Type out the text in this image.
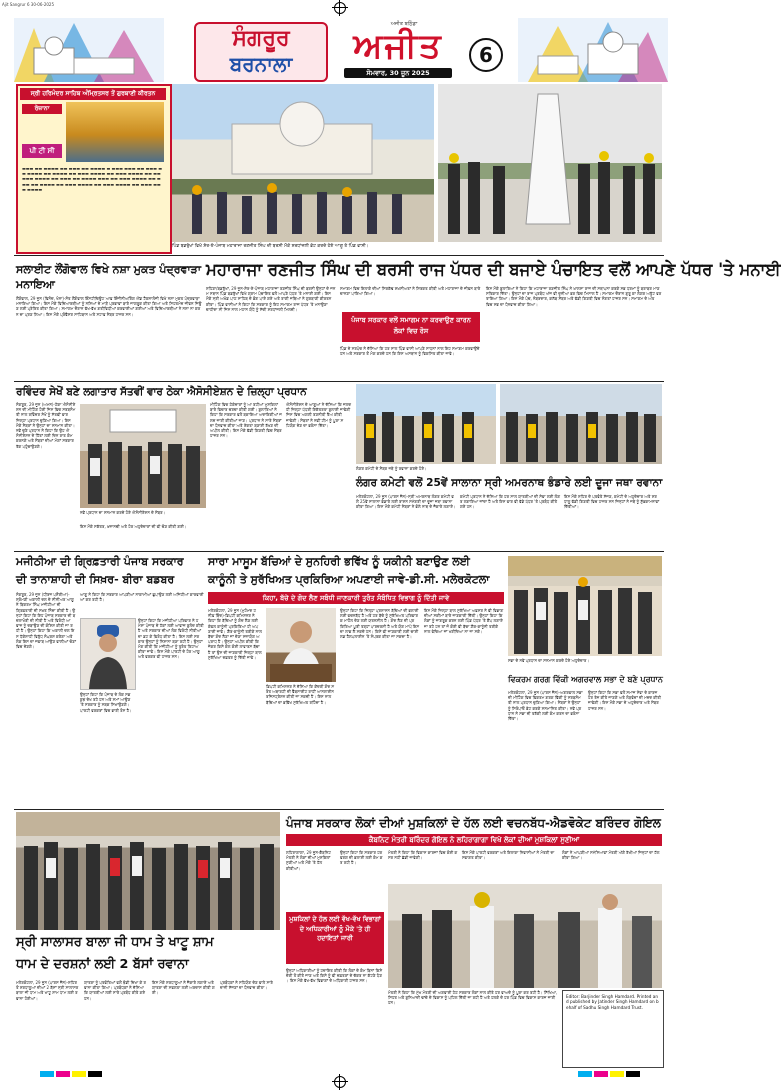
Ajit Sangrur 6 30-06-2025
ਸੰਗਰੂਰ
ਬਰਨਾਲਾ
ਅਜੀਤ ਬਠਿੰਡਾ
ਅਜੀਤ
ਸੋਮਵਾਰ, 30 ਜੂਨ 2025
6
ਸ੍ਰੀ ਹਰਿਮੰਦਰ ਸਾਹਿਬ ਅੰਮ੍ਰਿਤਸਰ ਤੋਂ ਗੁਰਬਾਣੀ ਕੀਰਤਨ
ਰੋਜ਼ਾਨਾ
ਪੀ ਟੀ ਸੀ
▬▬▬ ▬▬ ▬▬▬▬ ▬▬ ▬▬▬ ▬▬ ▬▬▬▬ ▬ ▬▬▬ ▬▬▬ ▬▬ ▬▬▬ ▬▬ ▬▬▬▬ ▬▬ ▬▬▬▬ ▬▬ ▬▬▬ ▬▬▬▬ ▬▬ ▬▬▬ ▬▬▬▬ ▬▬ ▬▬ ▬▬▬ ▬▬▬▬ ▬▬ ▬▬▬ ▬▬ ▬▬▬▬ ▬▬▬ ▬▬ ▬▬▬ ▬▬▬▬ ▬▬ ▬▬▬ ▬▬ ▬▬▬▬ ▬▬ ▬▬▬ ▬▬▬▬ ▬▬ ▬▬▬ ▬▬▬▬ ▬▬ ▬▬▬ ▬▬▬ ▬▬▬▬
ਪਿੰਡ ਬਡਰੁੱਖਾਂ ਵਿਖੇ ਸ਼ੇਰ-ਏ-ਪੰਜਾਬ ਮਹਾਰਾਜਾ ਰਣਜੀਤ ਸਿੰਘ ਦੀ ਬਰਸੀ ਮੌਕੇ ਸ਼ਰਧਾਂਜਲੀ ਭੇਟ ਕਰਦੇ ਹੋਏ ਆਗੂ ਤੇ ਪਿੰਡ ਵਾਸੀ।
ਮਹਾਰਾਜਾ ਰਣਜੀਤ ਸਿੰਘ ਦੀ ਬਰਸੀ ਰਾਜ ਪੱਧਰ ਦੀ ਬਜਾਏ ਪੰਚਾਇਤ ਵਲੋਂ ਆਪਣੇ ਪੱਧਰ 'ਤੇ ਮਨਾਈ
ਸਲਾਈਟ ਲੌਂਗੋਵਾਲ ਵਿਖੇ ਨਸ਼ਾ ਮੁਕਤ ਪੰਦ੍ਰਵਾੜਾ ਮਨਾਇਆ
ਲੌਂਗੋਵਾਲ, 29 ਜੂਨ (ਵਿਨੋਦ, ਖੰਨਾ)-ਸੰਤ ਲੌਂਗੋਵਾਲ ਇੰਸਟੀਚਿਊਟ ਆਫ਼ ਇੰਜੀਨੀਅਰਿੰਗ ਐਂਡ ਟੈਕਨਾਲੋਜੀ ਵਿਖੇ ਨਸ਼ਾ ਮੁਕਤ ਪੰਦ੍ਰਵਾੜਾ ਮਨਾਇਆ ਗਿਆ। ਇਸ ਮੌਕੇ ਵਿਦਿਆਰਥੀਆਂ ਨੂੰ ਨਸ਼ਿਆਂ ਦੇ ਮਾੜੇ ਪ੍ਰਭਾਵਾਂ ਬਾਰੇ ਜਾਗਰੂਕ ਕੀਤਾ ਗਿਆ ਅਤੇ ਸਿਹਤਮੰਦ ਜੀਵਨ ਜਿਊਣ ਲਈ ਪ੍ਰੇਰਿਤ ਕੀਤਾ ਗਿਆ। ਸਮਾਗਮ ਦੌਰਾਨ ਵੱਖ-ਵੱਖ ਗਤੀਵਿਧੀਆਂ ਕਰਵਾਈਆਂ ਗਈਆਂ ਅਤੇ ਵਿਦਿਆਰਥੀਆਂ ਨੇ ਨਸ਼ਾ ਨਾ ਕਰਨ ਦਾ ਪ੍ਰਣ ਲਿਆ। ਇਸ ਮੌਕੇ ਪ੍ਰੋਫੈਸਰ ਸਾਹਿਬਾਨ ਅਤੇ ਸਟਾਫ਼ ਮੈਂਬਰ ਹਾਜ਼ਰ ਸਨ।
ਸ਼ਹਿਣਾ/ਬਡਰੁੱਖਾਂ, 29 ਜੂਨ-ਸ਼ੇਰ-ਏ-ਪੰਜਾਬ ਮਹਾਰਾਜਾ ਰਣਜੀਤ ਸਿੰਘ ਦੀ ਬਰਸੀ ਉਨ੍ਹਾਂ ਦੇ ਜਨਮ ਸਥਾਨ ਪਿੰਡ ਬਡਰੁੱਖਾਂ ਵਿਖੇ ਗ੍ਰਾਮ ਪੰਚਾਇਤ ਵਲੋਂ ਆਪਣੇ ਪੱਧਰ 'ਤੇ ਮਨਾਈ ਗਈ। ਇਸ ਮੌਕੇ ਸ੍ਰੀ ਅਖੰਡ ਪਾਠ ਸਾਹਿਬ ਦੇ ਭੋਗ ਪਾਏ ਗਏ ਅਤੇ ਰਾਗੀ ਜਥਿਆਂ ਨੇ ਗੁਰਬਾਣੀ ਕੀਰਤਨ ਕੀਤਾ। ਪਿੰਡ ਵਾਸੀਆਂ ਨੇ ਕਿਹਾ ਕਿ ਸਰਕਾਰ ਨੂੰ ਇਹ ਸਮਾਗਮ ਰਾਜ ਪੱਧਰ 'ਤੇ ਮਨਾਉਣਾ ਚਾਹੀਦਾ ਸੀ ਜਿਸ ਨਾਲ ਮਹਾਨ ਯੋਧੇ ਨੂੰ ਸੱਚੀ ਸ਼ਰਧਾਂਜਲੀ ਮਿਲਦੀ।
ਸਮਾਗਮ ਵਿਚ ਇਲਾਕੇ ਦੀਆਂ ਸਿਰਕੱਢ ਸ਼ਖ਼ਸੀਅਤਾਂ ਨੇ ਸ਼ਿਰਕਤ ਕੀਤੀ ਅਤੇ ਮਹਾਰਾਜਾ ਦੇ ਜੀਵਨ ਬਾਰੇ ਚਾਨਣਾ ਪਾਇਆ ਗਿਆ।
ਪੰਜਾਬ ਸਰਕਾਰ ਵਲੋਂ ਸਮਾਗਮ ਨਾ ਕਰਵਾਉਣ ਕਾਰਨ ਲੋਕਾਂ ਵਿਚ ਰੋਸ
ਪਿੰਡ ਦੇ ਸਰਪੰਚ ਨੇ ਦੱਸਿਆ ਕਿ ਹਰ ਸਾਲ ਪਿੰਡ ਵਾਸੀ ਆਪਣੇ ਸਾਧਨਾਂ ਨਾਲ ਇਹ ਸਮਾਗਮ ਕਰਵਾਉਂਦੇ ਹਨ ਅਤੇ ਸਰਕਾਰ ਤੋਂ ਮੰਗ ਕਰਦੇ ਹਨ ਕਿ ਇਸ ਅਸਥਾਨ ਨੂੰ ਵਿਕਸਿਤ ਕੀਤਾ ਜਾਵੇ।
ਇਸ ਮੌਕੇ ਬੁਲਾਰਿਆਂ ਨੇ ਕਿਹਾ ਕਿ ਮਹਾਰਾਜਾ ਰਣਜੀਤ ਸਿੰਘ ਨੇ ਖ਼ਾਲਸਾ ਰਾਜ ਦੀ ਸਥਾਪਨਾ ਕਰਕੇ ਸਭ ਧਰਮਾਂ ਨੂੰ ਬਰਾਬਰ ਮਾਣ ਸਤਿਕਾਰ ਦਿੱਤਾ। ਉਨ੍ਹਾਂ ਦਾ ਰਾਜ ਪ੍ਰਬੰਧ ਅੱਜ ਵੀ ਦੁਨੀਆ ਭਰ ਵਿਚ ਮਿਸਾਲ ਹੈ। ਸਮਾਗਮ ਦੌਰਾਨ ਗੁਰੂ ਕਾ ਲੰਗਰ ਅਤੁੱਟ ਵਰਤਾਇਆ ਗਿਆ। ਇਸ ਮੌਕੇ ਪੰਚ, ਨੰਬਰਦਾਰ, ਕਲੱਬ ਮੈਂਬਰ ਅਤੇ ਵੱਡੀ ਗਿਣਤੀ ਵਿਚ ਸੰਗਤਾਂ ਹਾਜ਼ਰ ਸਨ। ਸਮਾਗਮ ਦੇ ਅੰਤ ਵਿਚ ਸਭ ਦਾ ਧੰਨਵਾਦ ਕੀਤਾ ਗਿਆ।
ਰਵਿੰਦਰ ਸੇਖੋਂ ਬਣੇ ਲਗਾਤਾਰ ਸੱਤਵੀਂ ਵਾਰ ਠੇਕਾ ਐਸੋਸੀਏਸ਼ਨ ਦੇ ਜ਼ਿਲ੍ਹਾ ਪ੍ਰਧਾਨ
ਸੰਗਰੂਰ, 29 ਜੂਨ (ਅਮਨ)-ਠੇਕਾ ਐਸੋਸੀਏਸ਼ਨ ਦੀ ਮੀਟਿੰਗ ਹੋਈ ਜਿਸ ਵਿਚ ਸਰਬਸੰਮਤੀ ਨਾਲ ਰਵਿੰਦਰ ਸੇਖੋਂ ਨੂੰ ਸੱਤਵੀਂ ਵਾਰ ਜ਼ਿਲ੍ਹਾ ਪ੍ਰਧਾਨ ਚੁਣਿਆ ਗਿਆ। ਇਸ ਮੌਕੇ ਮੈਂਬਰਾਂ ਨੇ ਉਨ੍ਹਾਂ ਦਾ ਸਨਮਾਨ ਕੀਤਾ। ਨਵੇਂ ਚੁਣੇ ਪ੍ਰਧਾਨ ਨੇ ਕਿਹਾ ਕਿ ਉਹ ਐਸੋਸੀਏਸ਼ਨ ਦੇ ਹਿੱਤਾਂ ਲਈ ਦਿਨ ਰਾਤ ਕੰਮ ਕਰਨਗੇ ਅਤੇ ਮੈਂਬਰਾਂ ਦੀਆਂ ਮੰਗਾਂ ਸਰਕਾਰ ਤੱਕ ਪਹੁੰਚਾਉਣਗੇ।
ਨਵੇਂ ਪ੍ਰਧਾਨ ਦਾ ਸਨਮਾਨ ਕਰਦੇ ਹੋਏ ਐਸੋਸੀਏਸ਼ਨ ਦੇ ਮੈਂਬਰ।
ਇਸ ਮੌਕੇ ਸਕੱਤਰ, ਖ਼ਜ਼ਾਨਚੀ ਅਤੇ ਹੋਰ ਅਹੁਦੇਦਾਰਾਂ ਦੀ ਵੀ ਚੋਣ ਕੀਤੀ ਗਈ।
ਮੀਟਿੰਗ ਵਿਚ ਠੇਕੇਦਾਰਾਂ ਨੂੰ ਆ ਰਹੀਆਂ ਮੁਸ਼ਕਿਲਾਂ ਬਾਰੇ ਵਿਚਾਰ ਚਰਚਾ ਕੀਤੀ ਗਈ। ਬੁਲਾਰਿਆਂ ਨੇ ਕਿਹਾ ਕਿ ਸਰਕਾਰ ਵਲੋਂ ਬਕਾਇਆ ਅਦਾਇਗੀਆਂ ਜਲਦ ਜਾਰੀ ਕੀਤੀਆਂ ਜਾਣ। ਪ੍ਰਧਾਨ ਨੇ ਸਾਰੇ ਮੈਂਬਰਾਂ ਦਾ ਧੰਨਵਾਦ ਕੀਤਾ ਅਤੇ ਏਕਤਾ ਬਣਾਈ ਰੱਖਣ ਦੀ ਅਪੀਲ ਕੀਤੀ। ਇਸ ਮੌਕੇ ਵੱਡੀ ਗਿਣਤੀ ਵਿਚ ਮੈਂਬਰ ਹਾਜ਼ਰ ਸਨ।
ਐਸੋਸੀਏਸ਼ਨ ਦੇ ਆਗੂਆਂ ਨੇ ਦੱਸਿਆ ਕਿ ਜਲਦ ਹੀ ਜ਼ਿਲ੍ਹਾ ਪੱਧਰੀ ਇਕੱਤਰਤਾ ਬੁਲਾਈ ਜਾਵੇਗੀ ਜਿਸ ਵਿਚ ਅਗਲੀ ਰਣਨੀਤੀ ਤੈਅ ਕੀਤੀ ਜਾਵੇਗੀ। ਮੈਂਬਰਾਂ ਨੇ ਨਵੀਂ ਟੀਮ ਨੂੰ ਪੂਰਾ ਸਹਿਯੋਗ ਦੇਣ ਦਾ ਭਰੋਸਾ ਦਿੱਤਾ।
ਲੰਗਰ ਕਮੇਟੀ ਦੇ ਮੈਂਬਰ ਜਥੇ ਨੂੰ ਰਵਾਨਾ ਕਰਦੇ ਹੋਏ।
ਲੰਗਰ ਕਮੇਟੀ ਵਲੋਂ 25ਵੇਂ ਸਾਲਾਨਾ ਸ੍ਰੀ ਅਮਰਨਾਥ ਭੰਡਾਰੇ ਲਈ ਦੂਜਾ ਜਥਾ ਰਵਾਨਾ
ਮਲੇਰਕੋਟਲਾ, 29 ਜੂਨ (ਪਾਰਸ ਜੈਨ)-ਸ੍ਰੀ ਅਮਰਨਾਥ ਲੰਗਰ ਕਮੇਟੀ ਵਲੋਂ 25ਵੇਂ ਸਾਲਾਨਾ ਭੰਡਾਰੇ ਲਈ ਰਾਸ਼ਨ ਸਮੱਗਰੀ ਦਾ ਦੂਜਾ ਜਥਾ ਰਵਾਨਾ ਕੀਤਾ ਗਿਆ। ਇਸ ਮੌਕੇ ਕਮੇਟੀ ਮੈਂਬਰਾਂ ਨੇ ਭੋਲੇ ਨਾਥ ਦੇ ਜੈਕਾਰੇ ਲਗਾਏ।
ਕਮੇਟੀ ਪ੍ਰਧਾਨ ਨੇ ਦੱਸਿਆ ਕਿ ਹਰ ਸਾਲ ਯਾਤਰੀਆਂ ਦੀ ਸੇਵਾ ਲਈ ਲੰਗਰ ਲਗਾਇਆ ਜਾਂਦਾ ਹੈ ਅਤੇ ਇਸ ਵਾਰ ਵੀ ਵੱਡੇ ਪੱਧਰ 'ਤੇ ਪ੍ਰਬੰਧ ਕੀਤੇ ਗਏ ਹਨ।
ਇਸ ਮੌਕੇ ਸ਼ਹਿਰ ਦੇ ਪਤਵੰਤੇ ਸੱਜਣ, ਕਮੇਟੀ ਦੇ ਅਹੁਦੇਦਾਰ ਅਤੇ ਸ਼ਰਧਾਲੂ ਵੱਡੀ ਗਿਣਤੀ ਵਿਚ ਹਾਜ਼ਰ ਸਨ ਜਿਨ੍ਹਾਂ ਨੇ ਜਥੇ ਨੂੰ ਸ਼ੁੱਭਕਾਮਨਾਵਾਂ ਦਿੱਤੀਆਂ।
ਮਜੀਠੀਆ ਦੀ ਗ੍ਰਿਫ਼ਤਾਰੀ ਪੰਜਾਬ ਸਰਕਾਰ
ਦੀ ਤਾਨਾਸ਼ਾਹੀ ਦੀ ਸਿਖ਼ਰ- ਬੀਰਾ ਬਡਬਰ
ਸੰਗਰੂਰ, 29 ਜੂਨ (ਧੀਰਜ ਪਸ਼ੌਰੀਆ)-ਸ਼੍ਰੋਮਣੀ ਅਕਾਲੀ ਦਲ ਦੇ ਸੀਨੀਅਰ ਆਗੂ ਨੇ ਬਿਕਰਮ ਸਿੰਘ ਮਜੀਠੀਆ ਦੀ ਗ੍ਰਿਫ਼ਤਾਰੀ ਦੀ ਸਖ਼ਤ ਨਿੰਦਾ ਕੀਤੀ ਹੈ। ਉਨ੍ਹਾਂ ਕਿਹਾ ਕਿ ਇਹ ਪੰਜਾਬ ਸਰਕਾਰ ਦੀ ਬਦਲਾਖੋਰੀ ਦੀ ਨੀਤੀ ਹੈ ਅਤੇ ਵਿਰੋਧੀ ਆਵਾਜ਼ ਨੂੰ ਦਬਾਉਣ ਦੀ ਕੋਸ਼ਿਸ਼ ਕੀਤੀ ਜਾ ਰਹੀ ਹੈ। ਉਨ੍ਹਾਂ ਕਿਹਾ ਕਿ ਅਕਾਲੀ ਦਲ ਇਸ ਧੱਕੇਸ਼ਾਹੀ ਵਿਰੁੱਧ ਸੰਘਰਸ਼ ਕਰੇਗਾ ਅਤੇ ਲੋਕ ਇਸ ਦਾ ਜਵਾਬ ਆਉਣ ਵਾਲੀਆਂ ਚੋਣਾਂ ਵਿਚ ਦੇਣਗੇ।
ਆਗੂ ਨੇ ਕਿਹਾ ਕਿ ਸਰਕਾਰ ਆਪਣੀਆਂ ਨਾਕਾਮੀਆਂ ਛੁਪਾਉਣ ਲਈ ਅਜਿਹੀਆਂ ਕਾਰਵਾਈਆਂ ਕਰ ਰਹੀ ਹੈ।
ਉਨ੍ਹਾਂ ਕਿਹਾ ਕਿ ਮਜੀਠੀਆ ਪਰਿਵਾਰ ਨੇ ਹਮੇਸ਼ਾ ਪੰਜਾਬ ਦੇ ਹੱਕਾਂ ਲਈ ਆਵਾਜ਼ ਬੁਲੰਦ ਕੀਤੀ ਹੈ ਅਤੇ ਸਰਕਾਰ ਦੀਆਂ ਲੋਕ ਵਿਰੋਧੀ ਨੀਤੀਆਂ ਦਾ ਡਟ ਕੇ ਵਿਰੋਧ ਕੀਤਾ ਹੈ। ਇਸ ਲਈ ਸਰਕਾਰ ਉਨ੍ਹਾਂ ਨੂੰ ਨਿਸ਼ਾਨਾ ਬਣਾ ਰਹੀ ਹੈ। ਉਨ੍ਹਾਂ ਮੰਗ ਕੀਤੀ ਕਿ ਮਜੀਠੀਆ ਨੂੰ ਤੁਰੰਤ ਰਿਹਾਅ ਕੀਤਾ ਜਾਵੇ। ਇਸ ਮੌਕੇ ਪਾਰਟੀ ਦੇ ਹੋਰ ਆਗੂ ਅਤੇ ਵਰਕਰ ਵੀ ਹਾਜ਼ਰ ਸਨ।
ਉਨ੍ਹਾਂ ਕਿਹਾ ਕਿ ਪੰਜਾਬ ਦੇ ਲੋਕ ਸਭ ਕੁਝ ਦੇਖ ਰਹੇ ਹਨ ਅਤੇ ਸਮਾਂ ਆਉਣ 'ਤੇ ਸਰਕਾਰ ਨੂੰ ਸਬਕ ਸਿਖਾਉਣਗੇ। ਪਾਰਟੀ ਵਰਕਰਾਂ ਵਿਚ ਭਾਰੀ ਰੋਸ ਹੈ।
ਸਾਰਾ ਮਾਸੂਮ ਬੱਚਿਆਂ ਦੇ ਸੁਨਹਿਰੀ ਭਵਿੱਖ ਨੂੰ ਯਕੀਨੀ ਬਣਾਉਣ ਲਈ
ਕਾਨੂੰਨੀ ਤੇ ਸੁਰੱਖਿਅਤ ਪ੍ਰਕਿਰਿਆ ਅਪਣਾਈ ਜਾਵੇ-ਡੀ.ਸੀ. ਮਲੇਰਕੋਟਲਾ
ਕਿਹਾ, ਬੱਚੇ ਦੇ ਗੋਦ ਲੈਣ ਸਬੰਧੀ ਜਾਣਕਾਰੀ ਤੁਰੰਤ ਸੰਬੰਧਿਤ ਵਿਭਾਗ ਨੂੰ ਦਿੱਤੀ ਜਾਵੇ
ਮਲੇਰਕੋਟਲਾ, 29 ਜੂਨ (ਮੁਹੰਮਦ ਹਨੀਫ਼ ਥਿੰਦ)-ਡਿਪਟੀ ਕਮਿਸ਼ਨਰ ਨੇ ਕਿਹਾ ਕਿ ਬੱਚਿਆਂ ਨੂੰ ਗੋਦ ਲੈਣ ਲਈ ਕੇਵਲ ਕਾਨੂੰਨੀ ਪ੍ਰਕਿਰਿਆ ਹੀ ਅਪਣਾਈ ਜਾਵੇ। ਗ਼ੈਰ-ਕਾਨੂੰਨੀ ਤਰੀਕੇ ਨਾਲ ਬੱਚਾ ਗੋਦ ਲੈਣਾ ਜਾਂ ਦੇਣਾ ਸਜ਼ਾਯੋਗ ਅਪਰਾਧ ਹੈ। ਉਨ੍ਹਾਂ ਅਪੀਲ ਕੀਤੀ ਕਿ ਜੇਕਰ ਕਿਸੇ ਕੋਲ ਕੋਈ ਲਾਵਾਰਸ ਬੱਚਾ ਹੈ ਤਾਂ ਉਸ ਦੀ ਜਾਣਕਾਰੀ ਜ਼ਿਲ੍ਹਾ ਬਾਲ ਸੁਰੱਖਿਆ ਦਫ਼ਤਰ ਨੂੰ ਦਿੱਤੀ ਜਾਵੇ।
ਡਿਪਟੀ ਕਮਿਸ਼ਨਰ ਨੇ ਦੱਸਿਆ ਕਿ ਕੇਂਦਰੀ ਗੋਦ ਸਰੋਤ ਅਥਾਰਟੀ ਦੀ ਵੈੱਬਸਾਈਟ ਰਾਹੀਂ ਆਨਲਾਈਨ ਰਜਿਸਟ੍ਰੇਸ਼ਨ ਕੀਤੀ ਜਾ ਸਕਦੀ ਹੈ। ਇਸ ਨਾਲ ਬੱਚਿਆਂ ਦਾ ਭਵਿੱਖ ਸੁਰੱਖਿਅਤ ਰਹਿੰਦਾ ਹੈ।
ਉਨ੍ਹਾਂ ਕਿਹਾ ਕਿ ਜ਼ਿਲ੍ਹਾ ਪ੍ਰਸ਼ਾਸਨ ਬੱਚਿਆਂ ਦੀ ਭਲਾਈ ਲਈ ਵਚਨਬੱਧ ਹੈ ਅਤੇ ਹਰ ਬੱਚੇ ਨੂੰ ਸੁਰੱਖਿਅਤ ਪਰਿਵਾਰਕ ਮਾਹੌਲ ਦੇਣ ਲਈ ਯਤਨਸ਼ੀਲ ਹੈ। ਗੋਦ ਲੈਣ ਦੀ ਪ੍ਰਕਿਰਿਆ ਪੂਰੀ ਤਰ੍ਹਾਂ ਪਾਰਦਰਸ਼ੀ ਹੈ ਅਤੇ ਯੋਗ ਮਾਪੇ ਇਸ ਦਾ ਲਾਭ ਲੈ ਸਕਦੇ ਹਨ। ਕਿਸੇ ਵੀ ਜਾਣਕਾਰੀ ਲਈ ਚਾਈਲਡ ਹੈਲਪਲਾਈਨ 'ਤੇ ਸੰਪਰਕ ਕੀਤਾ ਜਾ ਸਕਦਾ ਹੈ।
ਇਸ ਮੌਕੇ ਜ਼ਿਲ੍ਹਾ ਬਾਲ ਸੁਰੱਖਿਆ ਅਫ਼ਸਰ ਨੇ ਵੀ ਵਿਭਾਗ ਦੀਆਂ ਸਕੀਮਾਂ ਬਾਰੇ ਜਾਣਕਾਰੀ ਦਿੱਤੀ। ਉਨ੍ਹਾਂ ਕਿਹਾ ਕਿ ਲੋਕਾਂ ਨੂੰ ਜਾਗਰੂਕ ਕਰਨ ਲਈ ਪਿੰਡ ਪੱਧਰ 'ਤੇ ਕੈਂਪ ਲਗਾਏ ਜਾ ਰਹੇ ਹਨ ਤਾਂ ਜੋ ਕੋਈ ਵੀ ਬੱਚਾ ਗ਼ੈਰ-ਕਾਨੂੰਨੀ ਤਰੀਕੇ ਨਾਲ ਵੇਚਿਆ ਜਾਂ ਖਰੀਦਿਆ ਨਾ ਜਾ ਸਕੇ।
ਸਭਾ ਦੇ ਨਵੇਂ ਪ੍ਰਧਾਨ ਦਾ ਸਨਮਾਨ ਕਰਦੇ ਹੋਏ ਅਹੁਦੇਦਾਰ।
ਵਿਕਰਮ ਗਰਗ ਵਿੱਕੀ ਅਗਰਵਾਲ ਸਭਾ ਦੇ ਬਣੇ ਪ੍ਰਧਾਨ
ਮਲੇਰਕੋਟਲਾ, 29 ਜੂਨ (ਪਾਰਸ ਜੈਨ)-ਅਗਰਵਾਲ ਸਭਾ ਦੀ ਮੀਟਿੰਗ ਵਿਚ ਵਿਕਰਮ ਗਰਗ ਵਿੱਕੀ ਨੂੰ ਸਰਬਸੰਮਤੀ ਨਾਲ ਪ੍ਰਧਾਨ ਚੁਣਿਆ ਗਿਆ। ਮੈਂਬਰਾਂ ਨੇ ਉਨ੍ਹਾਂ ਨੂੰ ਸਿਰੋਪਾਓ ਭੇਟ ਕਰਕੇ ਸਨਮਾਨਿਤ ਕੀਤਾ। ਨਵੇਂ ਪ੍ਰਧਾਨ ਨੇ ਸਭਾ ਦੀ ਤਰੱਕੀ ਲਈ ਕੰਮ ਕਰਨ ਦਾ ਭਰੋਸਾ ਦਿੱਤਾ।
ਉਨ੍ਹਾਂ ਕਿਹਾ ਕਿ ਸਭਾ ਵਲੋਂ ਸਮਾਜ ਸੇਵਾ ਦੇ ਕਾਰਜ ਹੋਰ ਤੇਜ਼ ਕੀਤੇ ਜਾਣਗੇ ਅਤੇ ਲੋੜਵੰਦਾਂ ਦੀ ਮਦਦ ਕੀਤੀ ਜਾਵੇਗੀ। ਇਸ ਮੌਕੇ ਸਭਾ ਦੇ ਅਹੁਦੇਦਾਰ ਅਤੇ ਮੈਂਬਰ ਹਾਜ਼ਰ ਸਨ।
ਸ੍ਰੀ ਸਾਲਾਸਰ ਬਾਲਾ ਜੀ ਧਾਮ ਤੇ ਖਾਟੂ ਸ਼ਾਮ
ਧਾਮ ਦੇ ਦਰਸ਼ਨਾਂ ਲਈ 2 ਬੱਸਾਂ ਰਵਾਨਾ
ਮਲੇਰਕੋਟਲਾ, 29 ਜੂਨ (ਪਾਰਸ ਜੈਨ)-ਸ਼ਹਿਰ ਤੋਂ ਸ਼ਰਧਾਲੂਆਂ ਦੀਆਂ 2 ਬੱਸਾਂ ਸ੍ਰੀ ਸਾਲਾਸਰ ਬਾਲਾ ਜੀ ਧਾਮ ਅਤੇ ਖਾਟੂ ਸ਼ਾਮ ਧਾਮ ਲਈ ਰਵਾਨਾ ਹੋਈਆਂ।
ਯਾਤਰਾ ਨੂੰ ਪਤਵੰਤਿਆਂ ਵਲੋਂ ਝੰਡੀ ਦਿਖਾ ਕੇ ਰਵਾਨਾ ਕੀਤਾ ਗਿਆ। ਪ੍ਰਬੰਧਕਾਂ ਨੇ ਦੱਸਿਆ ਕਿ ਯਾਤਰੀਆਂ ਲਈ ਸਾਰੇ ਪ੍ਰਬੰਧ ਕੀਤੇ ਗਏ ਹਨ।
ਇਸ ਮੌਕੇ ਸ਼ਰਧਾਲੂਆਂ ਨੇ ਜੈਕਾਰੇ ਲਗਾਏ ਅਤੇ ਯਾਤਰਾ ਦੀ ਸਫਲਤਾ ਲਈ ਅਰਦਾਸ ਕੀਤੀ ਗਈ।
ਪ੍ਰਬੰਧਕਾਂ ਨੇ ਸਹਿਯੋਗ ਦੇਣ ਵਾਲੇ ਸਾਰੇ ਦਾਨੀ ਸੱਜਣਾਂ ਦਾ ਧੰਨਵਾਦ ਕੀਤਾ।
ਪੰਜਾਬ ਸਰਕਾਰ ਲੋਕਾਂ ਦੀਆਂ ਮੁਸ਼ਕਿਲਾਂ ਦੇ ਹੱਲ ਲਈ ਵਚਨਬੱਧ-ਐਡਵੋਕੇਟ ਬਰਿੰਦਰ ਗੋਇਲ
ਕੈਬਨਿਟ ਮੰਤਰੀ ਬਰਿੰਦਰ ਗੋਇਲ ਨੇ ਲਹਿਰਾਗਾਗਾ ਵਿਖੇ ਲੋਕਾਂ ਦੀਆਂ ਮੁਸ਼ਕਿਲਾਂ ਸੁਣੀਆਂ
ਲਹਿਰਾਗਾਗਾ, 29 ਜੂਨ-ਕੈਬਨਿਟ ਮੰਤਰੀ ਨੇ ਲੋਕਾਂ ਦੀਆਂ ਮੁਸ਼ਕਿਲਾਂ ਸੁਣੀਆਂ ਅਤੇ ਮੌਕੇ 'ਤੇ ਹੱਲ ਕੀਤੀਆਂ।
ਉਨ੍ਹਾਂ ਕਿਹਾ ਕਿ ਸਰਕਾਰ ਹਰ ਵਰਗ ਦੀ ਭਲਾਈ ਲਈ ਕੰਮ ਕਰ ਰਹੀ ਹੈ।
ਮੁਸ਼ਕਿਲਾਂ ਦੇ ਹੱਲ ਲਈ ਵੱਖ-ਵੱਖ ਵਿਭਾਗਾਂ ਦੇ ਅਧਿਕਾਰੀਆਂ ਨੂੰ ਮੌਕੇ 'ਤੇ ਹੀ ਹਦਾਇਤਾਂ ਜਾਰੀ
ਉਨ੍ਹਾਂ ਅਧਿਕਾਰੀਆਂ ਨੂੰ ਹਦਾਇਤ ਕੀਤੀ ਕਿ ਲੋਕਾਂ ਦੇ ਕੰਮ ਬਿਨਾਂ ਕਿਸੇ ਦੇਰੀ ਤੋਂ ਕੀਤੇ ਜਾਣ ਅਤੇ ਕਿਸੇ ਨੂੰ ਵੀ ਦਫ਼ਤਰਾਂ ਦੇ ਚੱਕਰ ਨਾ ਕੱਟਣੇ ਪੈਣ। ਇਸ ਮੌਕੇ ਵੱਖ-ਵੱਖ ਵਿਭਾਗਾਂ ਦੇ ਅਧਿਕਾਰੀ ਹਾਜ਼ਰ ਸਨ।
ਮੰਤਰੀ ਨੇ ਕਿਹਾ ਕਿ ਵਿਕਾਸ ਕਾਰਜਾਂ ਵਿਚ ਕੋਈ ਕਸਰ ਨਹੀਂ ਛੱਡੀ ਜਾਵੇਗੀ।
ਇਸ ਮੌਕੇ ਪਾਰਟੀ ਵਰਕਰਾਂ ਅਤੇ ਇਲਾਕਾ ਨਿਵਾਸੀਆਂ ਨੇ ਮੰਤਰੀ ਦਾ ਸਵਾਗਤ ਕੀਤਾ।
ਲੋਕਾਂ ਨੇ ਆਪਣੀਆਂ ਸਮੱਸਿਆਵਾਂ ਮੰਤਰੀ ਅੱਗੇ ਰੱਖੀਆਂ ਜਿਨ੍ਹਾਂ ਦਾ ਹੱਲ ਕੀਤਾ ਗਿਆ।
ਮੰਤਰੀ ਨੇ ਕਿਹਾ ਕਿ ਮੁੱਖ ਮੰਤਰੀ ਦੀ ਅਗਵਾਈ ਹੇਠ ਸਰਕਾਰ ਲੋਕਾਂ ਨਾਲ ਕੀਤੇ ਹਰ ਵਾਅਦੇ ਨੂੰ ਪੂਰਾ ਕਰ ਰਹੀ ਹੈ। ਸਿੱਖਿਆ, ਸਿਹਤ ਅਤੇ ਬੁਨਿਆਦੀ ਢਾਂਚੇ ਦੇ ਵਿਕਾਸ ਨੂੰ ਪਹਿਲ ਦਿੱਤੀ ਜਾ ਰਹੀ ਹੈ ਅਤੇ ਹਲਕੇ ਦੇ ਹਰ ਪਿੰਡ ਵਿਚ ਵਿਕਾਸ ਕਾਰਜ ਜਾਰੀ ਹਨ।
Editor: Barjinder Singh Hamdard. Printed and published by Jatinder Singh Hamdard on behalf of Sadhu Singh Hamdard Trust.
